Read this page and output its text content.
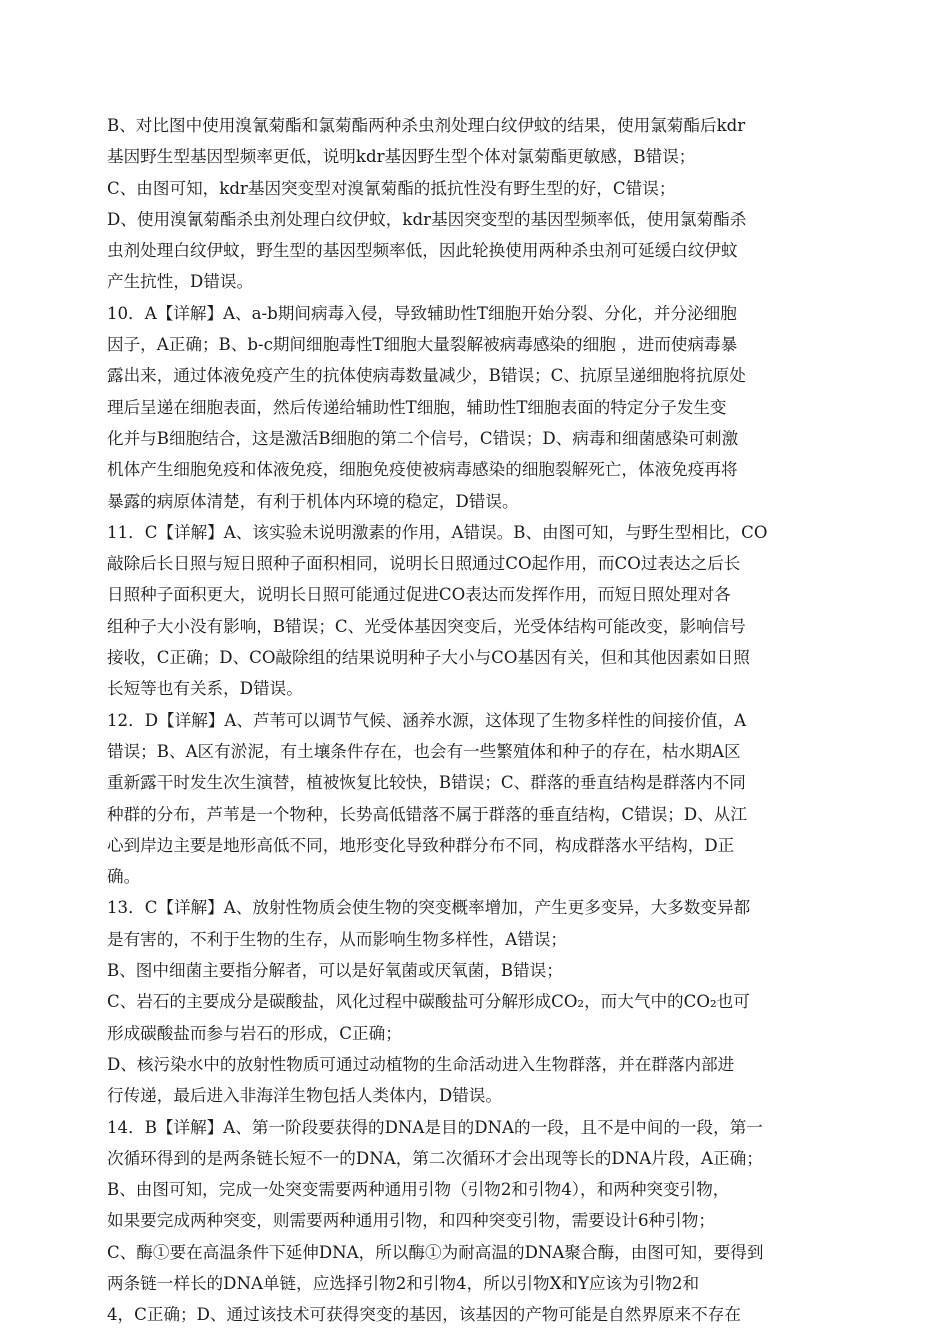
B、对比图中使用溴氰菊酯和氯菊酯两种杀虫剂处理白纹伊蚊的结果，使用氯菊酯后kdr
基因野生型基因型频率更低，说明kdr基因野生型个体对氯菊酯更敏感，B错误；
C、由图可知，kdr基因突变型对溴氰菊酯的抵抗性没有野生型的好，C错误；
D、使用溴氰菊酯杀虫剂处理白纹伊蚊，kdr基因突变型的基因型频率低，使用氯菊酯杀
虫剂处理白纹伊蚊，野生型的基因型频率低，因此轮换使用两种杀虫剂可延缓白纹伊蚊
产生抗性，D错误。
10．A【详解】A、a-b期间病毒入侵，导致辅助性T细胞开始分裂、分化，并分泌细胞
因子，A正确；B、b-c期间细胞毒性T细胞大量裂解被病毒感染的细胞 ，进而使病毒暴
露出来，通过体液免疫产生的抗体使病毒数量减少，B错误；C、抗原呈递细胞将抗原处
理后呈递在细胞表面，然后传递给辅助性T细胞，辅助性T细胞表面的特定分子发生变
化并与B细胞结合，这是激活B细胞的第二个信号，C错误；D、病毒和细菌感染可刺激
机体产生细胞免疫和体液免疫，细胞免疫使被病毒感染的细胞裂解死亡，体液免疫再将
暴露的病原体清楚，有利于机体内环境的稳定，D错误。
11．C【详解】A、该实验未说明激素的作用，A错误。B、由图可知，与野生型相比，CO
敲除后长日照与短日照种子面积相同，说明长日照通过CO起作用，而CO过表达之后长
日照种子面积更大，说明长日照可能通过促进CO表达而发挥作用，而短日照处理对各
组种子大小没有影响，B错误；C、光受体基因突变后，光受体结构可能改变，影响信号
接收，C正确；D、CO敲除组的结果说明种子大小与CO基因有关，但和其他因素如日照
长短等也有关系，D错误。
12．D【详解】A、芦苇可以调节气候、涵养水源，这体现了生物多样性的间接价值，A
错误；B、A区有淤泥，有土壤条件存在，也会有一些繁殖体和种子的存在，枯水期A区
重新露干时发生次生演替，植被恢复比较快，B错误；C、群落的垂直结构是群落内不同
种群的分布，芦苇是一个物种，长势高低错落不属于群落的垂直结构，C错误；D、从江
心到岸边主要是地形高低不同，地形变化导致种群分布不同，构成群落水平结构，D正
确。
13．C【详解】A、放射性物质会使生物的突变概率增加，产生更多变异，大多数变异都
是有害的，不利于生物的生存，从而影响生物多样性，A错误；
B、图中细菌主要指分解者，可以是好氧菌或厌氧菌，B错误；
C、岩石的主要成分是碳酸盐，风化过程中碳酸盐可分解形成CO₂，而大气中的CO₂也可
形成碳酸盐而参与岩石的形成，C正确；
D、核污染水中的放射性物质可通过动植物的生命活动进入生物群落，并在群落内部进
行传递，最后进入非海洋生物包括人类体内，D错误。
14．B【详解】A、第一阶段要获得的DNA是目的DNA的一段，且不是中间的一段，第一
次循环得到的是两条链长短不一的DNA，第二次循环才会出现等长的DNA片段，A正确；
B、由图可知，完成一处突变需要两种通用引物（引物2和引物4），和两种突变引物，
如果要完成两种突变，则需要两种通用引物，和四种突变引物，需要设计6种引物；
C、酶①要在高温条件下延伸DNA，所以酶①为耐高温的DNA聚合酶，由图可知，要得到
两条链一样长的DNA单链，应选择引物2和引物4，所以引物X和Y应该为引物2和
4，C正确；D、通过该技术可获得突变的基因，该基因的产物可能是自然界原来不存在
